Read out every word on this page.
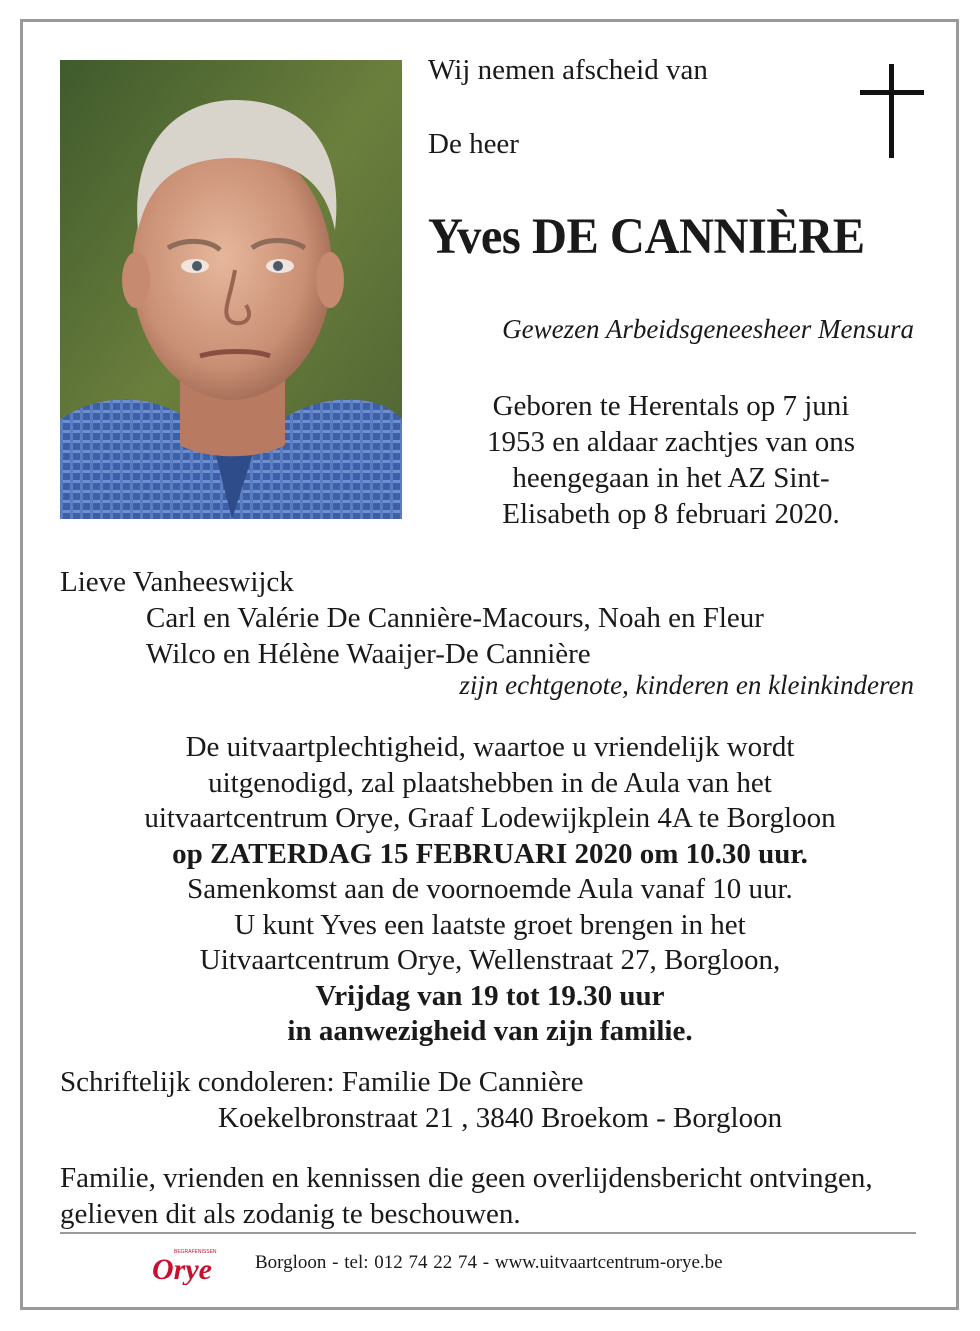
Wij nemen afscheid van

De heer

Yves DE CANNIÈRE

Gewezen Arbeidsgeneesheer Mensura

Geboren te Herentals op 7 juni
1953 en aldaar zachtjes van ons
heengegaan in het AZ Sint-
Elisabeth op 8 februari 2020.
Lieve Vanheeswijck
Carl en Valérie De Cannière-Macours, Noah en Fleur
Wilco en Hélène Waaijer-De Cannière
zijn echtgenote, kinderen en kleinkinderen
De uitvaartplechtigheid, waartoe u vriendelijk wordt
uitgenodigd, zal plaatshebben in de Aula van het
uitvaartcentrum Orye, Graaf Lodewijkplein 4A te Borgloon
op ZATERDAG 15 FEBRUARI 2020 om 10.30 uur.
Samenkomst aan de voornoemde Aula vanaf 10 uur.
U kunt Yves een laatste groet brengen in het
Uitvaartcentrum Orye, Wellenstraat 27, Borgloon,
Vrijdag van 19 tot 19.30 uur
in aanwezigheid van zijn familie.
Schriftelijk condoleren: Familie De Cannière
Koekelbronstraat 21 , 3840 Broekom - Borgloon

Familie, vrienden en kennissen die geen overlijdensbericht ontvingen, gelieven dit als zodanig te beschouwen.

BEGRAFENISSEN
Orye Borgloon - tel: 012 74 22 74 - www.uitvaartcentrum-orye.be
